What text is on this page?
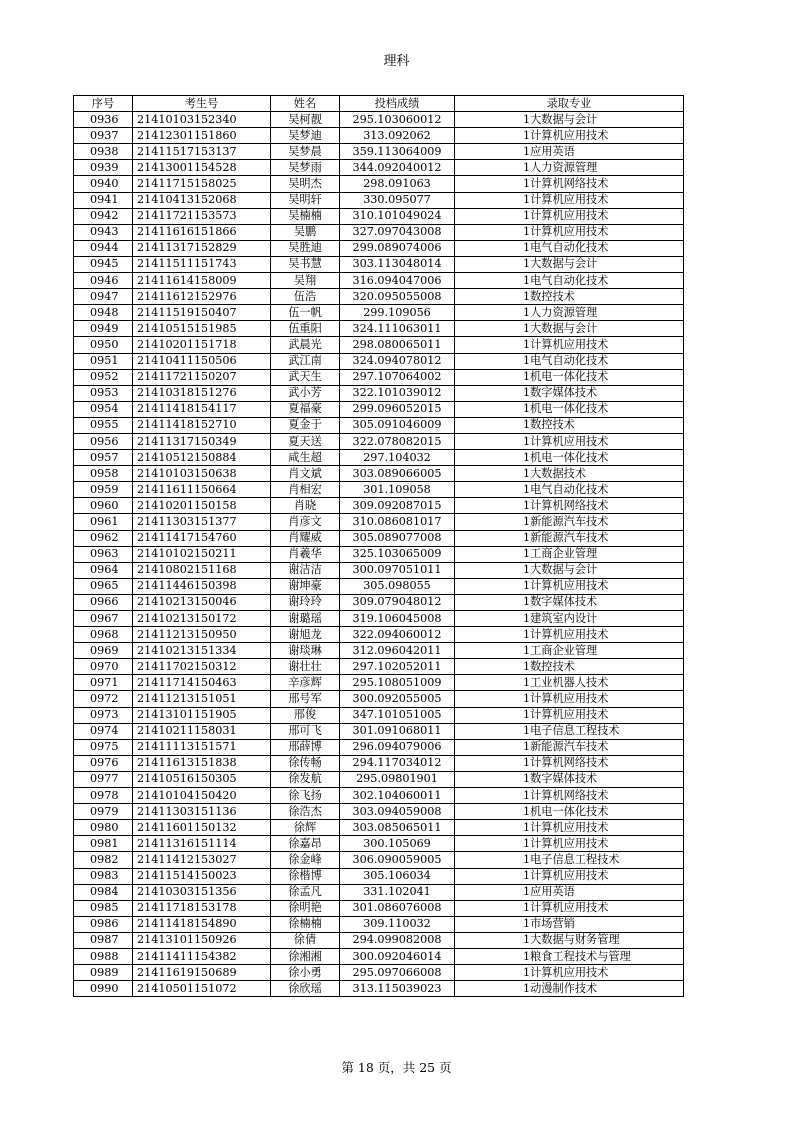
理科
序号	考生号	姓名	投档成绩	录取专业
0936	21410103152340	吴柯靓	295.103060012	1大数据与会计
0937	21412301151860	吴梦迪	313.092062	1计算机应用技术
0938	21411517153137	吴梦晨	359.113064009	1应用英语
0939	21413001154528	吴梦雨	344.092040012	1人力资源管理
0940	21411715158025	吴明杰	298.091063	1计算机网络技术
0941	21410413152068	吴明轩	330.095077	1计算机应用技术
0942	21411721153573	吴楠楠	310.101049024	1计算机应用技术
0943	21411616151866	吴鹏	327.097043008	1计算机应用技术
0944	21411317152829	吴胜迪	299.089074006	1电气自动化技术
0945	21411511151743	吴书慧	303.113048014	1大数据与会计
0946	21411614158009	吴翔	316.094047006	1电气自动化技术
0947	21411612152976	伍浩	320.095055008	1数控技术
0948	21411519150407	伍一帆	299.109056	1人力资源管理
0949	21410515151985	伍重阳	324.111063011	1大数据与会计
0950	21410201151718	武晨光	298.080065011	1计算机应用技术
0951	21410411150506	武江南	324.094078012	1电气自动化技术
0952	21411721150207	武天生	297.107064002	1机电一体化技术
0953	21410318151276	武小芳	322.101039012	1数字媒体技术
0954	21411418154117	夏福豪	299.096052015	1机电一体化技术
0955	21411418152710	夏金于	305.091046009	1数控技术
0956	21411317150349	夏天送	322.078082015	1计算机应用技术
0957	21410512150884	咸生超	297.104032	1机电一体化技术
0958	21410103150638	肖文斌	303.089066005	1大数据技术
0959	21411611150664	肖相宏	301.109058	1电气自动化技术
0960	21410201150158	肖晓	309.092087015	1计算机网络技术
0961	21411303151377	肖彦文	310.086081017	1新能源汽车技术
0962	21411417154760	肖耀威	305.089077008	1新能源汽车技术
0963	21410102150211	肖羲华	325.103065009	1工商企业管理
0964	21410802151168	谢洁洁	300.097051011	1大数据与会计
0965	21411446150398	谢坤豪	305.098055	1计算机应用技术
0966	21410213150046	谢玲玲	309.079048012	1数字媒体技术
0967	21410213150172	谢璐瑶	319.106045008	1建筑室内设计
0968	21411213150950	谢旭龙	322.094060012	1计算机应用技术
0969	21410213151334	谢琰琳	312.096042011	1工商企业管理
0970	21411702150312	谢壮壮	297.102052011	1数控技术
0971	21411714150463	辛彦辉	295.108051009	1工业机器人技术
0972	21411213151051	邢号军	300.092055005	1计算机应用技术
0973	21413101151905	邢俊	347.101051005	1计算机应用技术
0974	21410211158031	邢可飞	301.091068011	1电子信息工程技术
0975	21411113151571	邢薛博	296.094079006	1新能源汽车技术
0976	21411613151838	徐传畅	294.117034012	1计算机网络技术
0977	21410516150305	徐发航	295.09801901	1数字媒体技术
0978	21410104150420	徐飞扬	302.104060011	1计算机网络技术
0979	21411303151136	徐浩杰	303.094059008	1机电一体化技术
0980	21411601150132	徐辉	303.085065011	1计算机应用技术
0981	21411316151114	徐嘉昂	300.105069	1计算机应用技术
0982	21411412153027	徐金峰	306.090059005	1电子信息工程技术
0983	21411514150023	徐楷博	305.106034	1计算机应用技术
0984	21410303151356	徐孟凡	331.102041	1应用英语
0985	21411718153178	徐明艳	301.086076008	1计算机应用技术
0986	21411418154890	徐楠楠	309.110032	1市场营销
0987	21413101150926	徐倩	294.099082008	1大数据与财务管理
0988	21411411154382	徐湘湘	300.092046014	1粮食工程技术与管理
0989	21411619150689	徐小勇	295.097066008	1计算机应用技术
0990	21410501151072	徐欣瑶	313.115039023	1动漫制作技术
第 18 页，共 25 页
